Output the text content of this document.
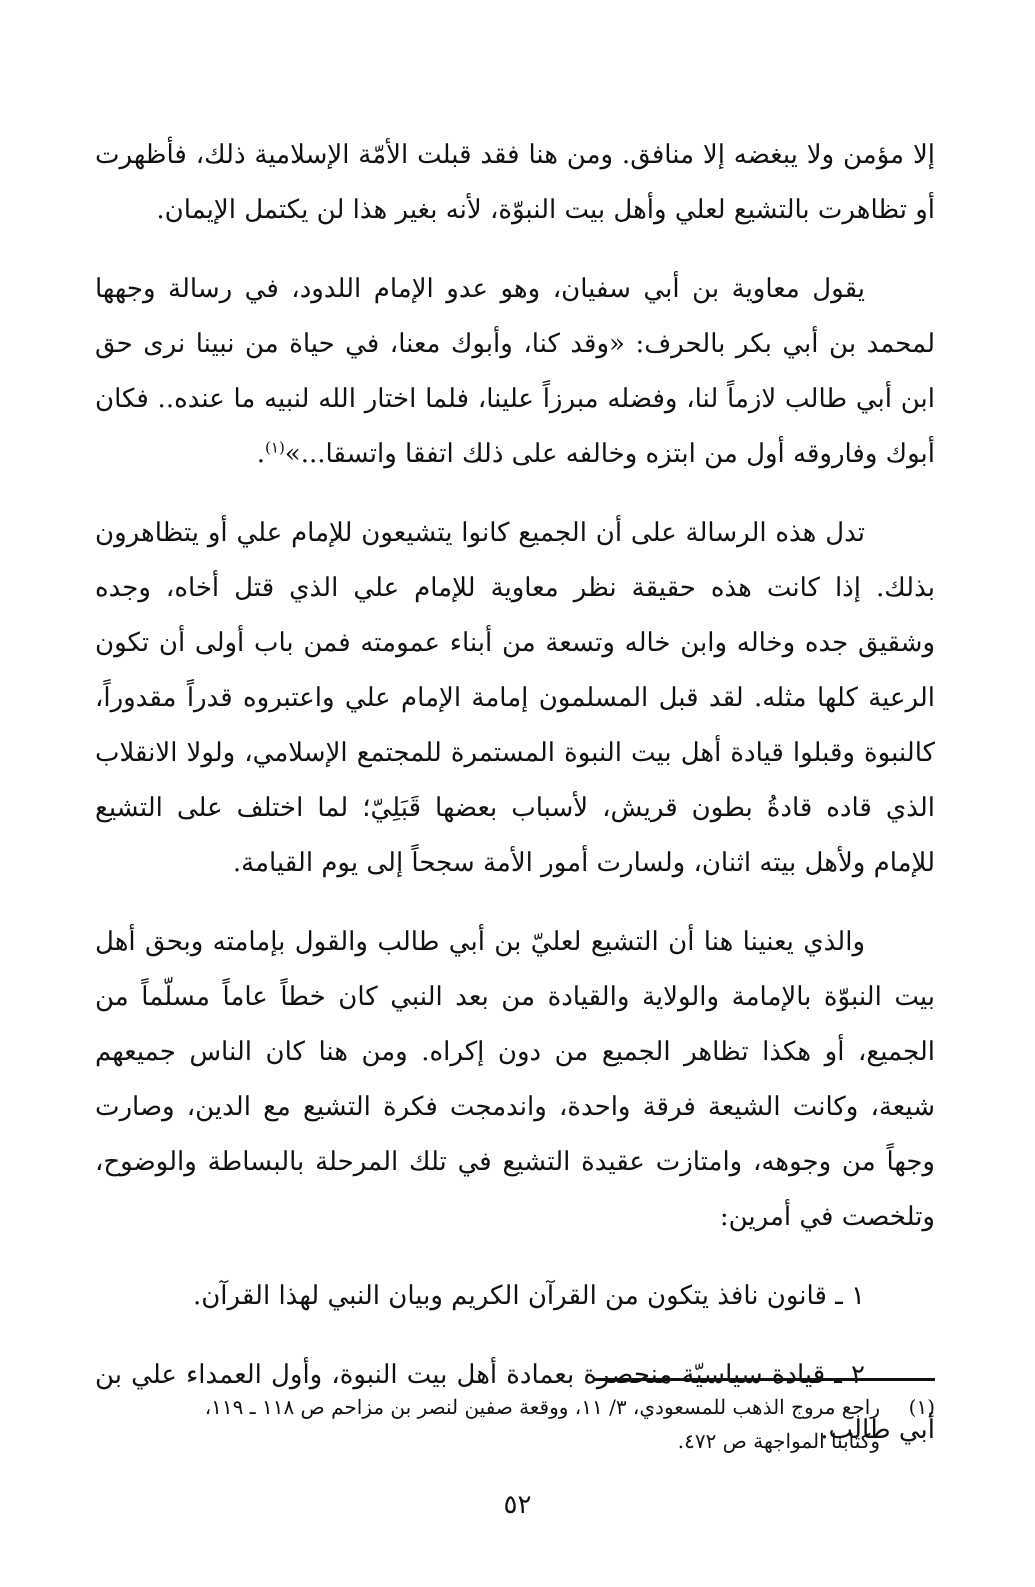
إلا مؤمن ولا يبغضه إلا منافق. ومن هنا فقد قبلت الأمّة الإسلامية ذلك، فأظهرت أو تظاهرت بالتشيع لعلي وأهل بيت النبوّة، لأنه بغير هذا لن يكتمل الإيمان.

يقول معاوية بن أبي سفيان، وهو عدو الإمام اللدود، في رسالة وجهها لمحمد بن أبي بكر بالحرف: «وقد كنا، وأبوك معنا، في حياة من نبينا نرى حق ابن أبي طالب لازماً لنا، وفضله مبرزاً علينا، فلما اختار الله لنبيه ما عنده.. فكان أبوك وفاروقه أول من ابتزه وخالفه على ذلك اتفقا واتسقا...»$^{(١)}$.

تدل هذه الرسالة على أن الجميع كانوا يتشيعون للإمام علي أو يتظاهرون بذلك. إذا كانت هذه حقيقة نظر معاوية للإمام علي الذي قتل أخاه، وجده وشقيق جده وخاله وابن خاله وتسعة من أبناء عمومته فمن باب أولى أن تكون الرعية كلها مثله. لقد قبل المسلمون إمامة الإمام علي واعتبروه قدراً مقدوراً، كالنبوة وقبلوا قيادة أهل بيت النبوة المستمرة للمجتمع الإسلامي، ولولا الانقلاب الذي قاده قادةُ بطون قريش، لأسباب بعضها قَبَلِيّ؛ لما اختلف على التشيع للإمام ولأهل بيته اثنان، ولسارت أمور الأمة سجحاً إلى يوم القيامة.

والذي يعنينا هنا أن التشيع لعليّ بن أبي طالب والقول بإمامته وبحق أهل بيت النبوّة بالإمامة والولاية والقيادة من بعد النبي كان خطاً عاماً مسلّماً من الجميع، أو هكذا تظاهر الجميع من دون إكراه. ومن هنا كان الناس جميعهم شيعة، وكانت الشيعة فرقة واحدة، واندمجت فكرة التشيع مع الدين، وصارت وجهاً من وجوهه، وامتازت عقيدة التشيع في تلك المرحلة بالبساطة والوضوح، وتلخصت في أمرين:

١ ـ قانون نافذ يتكون من القرآن الكريم وبيان النبي لهذا القرآن.

٢ ـ قيادة سياسيّة منحصرة بعمادة أهل بيت النبوة، وأول العمداء علي بن أبي طالب.

(١)راجع مروج الذهب للمسعودي، ٣/ ١١، ووقعة صفين لنصر بن مزاحم ص ١١٨ ـ ١١٩،
وكتابنا المواجهة ص ٤٧٢.
٥٢
